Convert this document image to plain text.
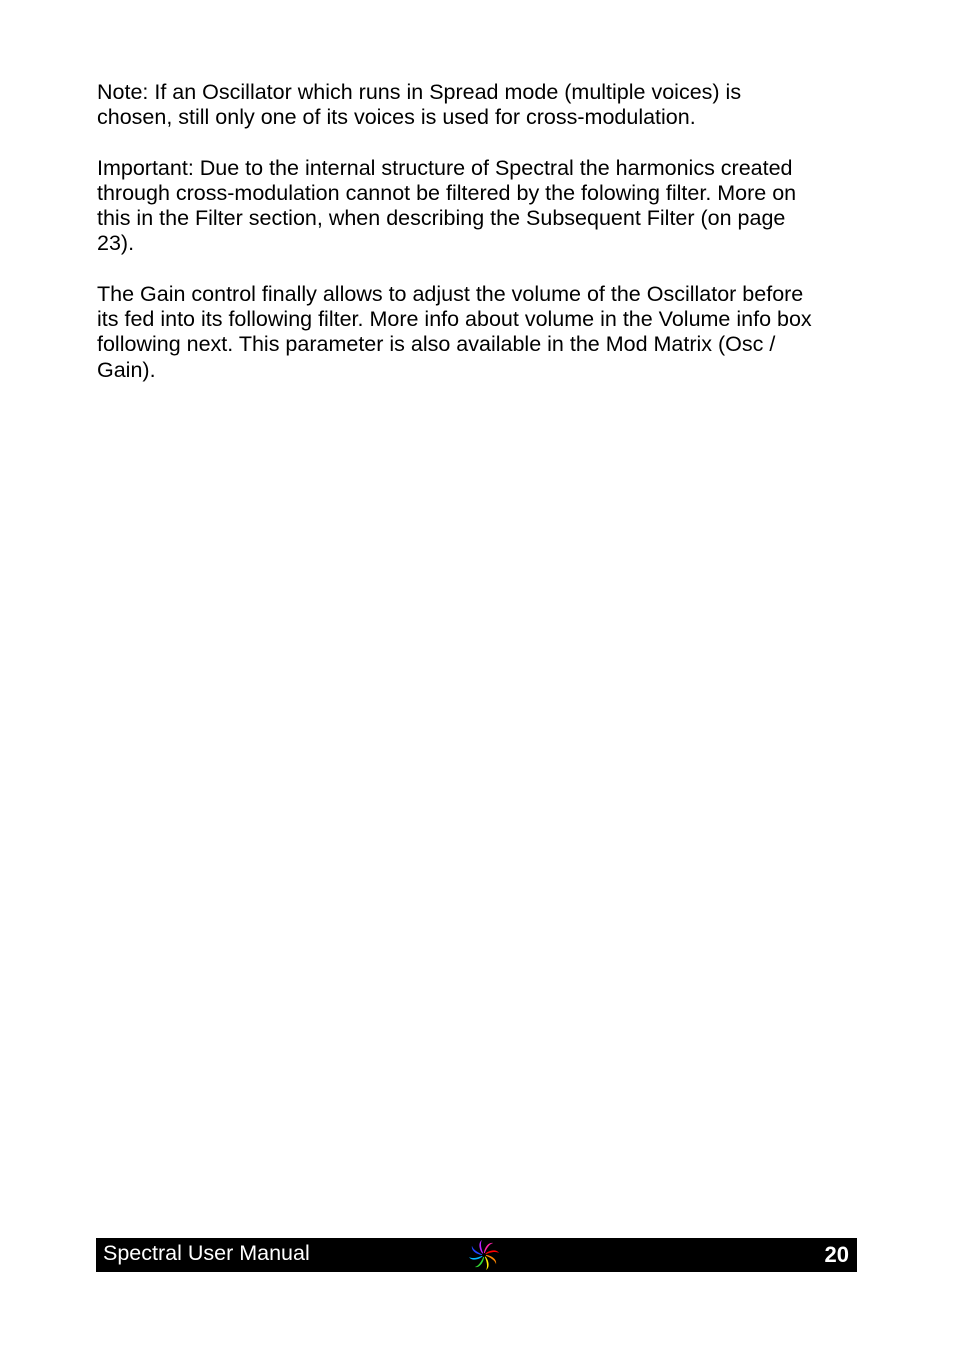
Note: If an Oscillator which runs in Spread mode (multiple voices) is
chosen, still only one of its voices is used for cross-modulation.

Important: Due to the internal structure of Spectral the harmonics created
through cross-modulation cannot be filtered by the folowing filter. More on
this in the Filter section, when describing the Subsequent Filter (on page
23).

The Gain control finally allows to adjust the volume of the Oscillator before
its fed into its following filter. More info about volume in the Volume info box
following next. This parameter is also available in the Mod Matrix (Osc /
Gain).

Spectral User Manual	20
